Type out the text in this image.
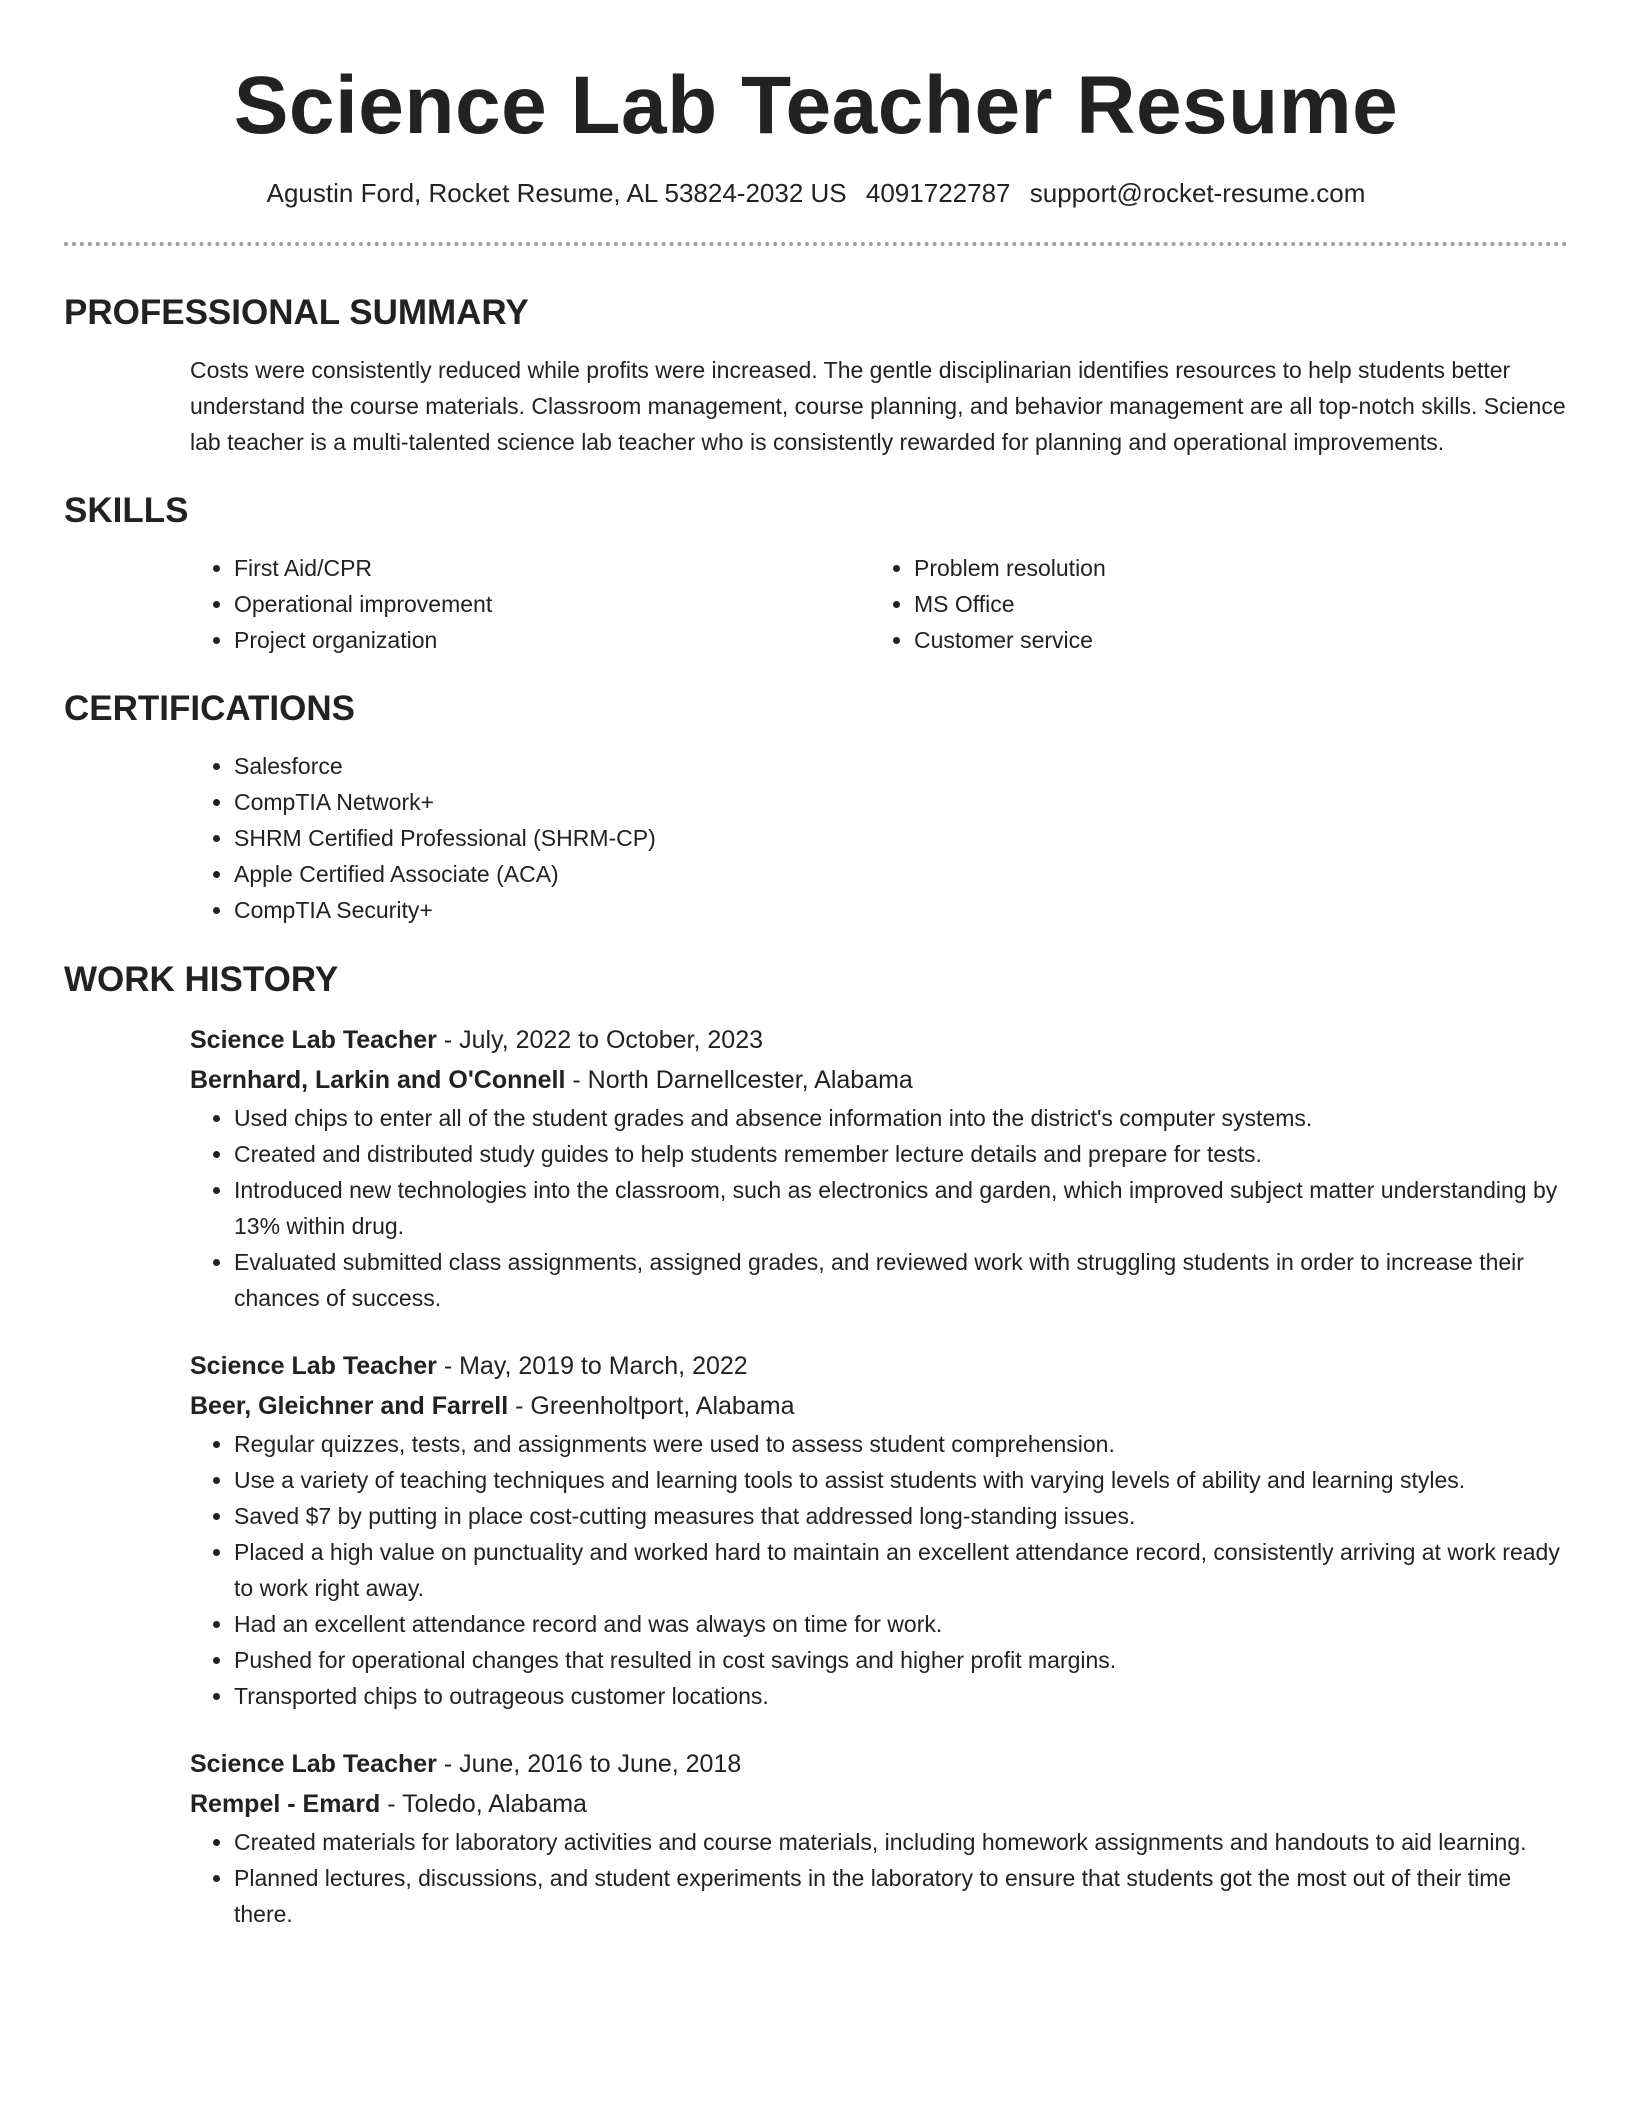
Science Lab Teacher Resume
Agustin Ford, Rocket Resume, AL 53824-2032 US 4091722787 support@rocket-resume.com
PROFESSIONAL SUMMARY
Costs were consistently reduced while profits were increased. The gentle disciplinarian identifies resources to help students better understand the course materials. Classroom management, course planning, and behavior management are all top-notch skills. Science lab teacher is a multi-talented science lab teacher who is consistently rewarded for planning and operational improvements.
SKILLS
• First Aid/CPR
• Operational improvement
• Project organization
• Problem resolution
• MS Office
• Customer service
CERTIFICATIONS
• Salesforce
• CompTIA Network+
• SHRM Certified Professional (SHRM-CP)
• Apple Certified Associate (ACA)
• CompTIA Security+
WORK HISTORY
Science Lab Teacher - July, 2022 to October, 2023
Bernhard, Larkin and O'Connell - North Darnellcester, Alabama
• Used chips to enter all of the student grades and absence information into the district's computer systems.
• Created and distributed study guides to help students remember lecture details and prepare for tests.
• Introduced new technologies into the classroom, such as electronics and garden, which improved subject matter understanding by 13% within drug.
• Evaluated submitted class assignments, assigned grades, and reviewed work with struggling students in order to increase their chances of success.
Science Lab Teacher - May, 2019 to March, 2022
Beer, Gleichner and Farrell - Greenholtport, Alabama
• Regular quizzes, tests, and assignments were used to assess student comprehension.
• Use a variety of teaching techniques and learning tools to assist students with varying levels of ability and learning styles.
• Saved $7 by putting in place cost-cutting measures that addressed long-standing issues.
• Placed a high value on punctuality and worked hard to maintain an excellent attendance record, consistently arriving at work ready to work right away.
• Had an excellent attendance record and was always on time for work.
• Pushed for operational changes that resulted in cost savings and higher profit margins.
• Transported chips to outrageous customer locations.
Science Lab Teacher - June, 2016 to June, 2018
Rempel - Emard - Toledo, Alabama
• Created materials for laboratory activities and course materials, including homework assignments and handouts to aid learning.
• Planned lectures, discussions, and student experiments in the laboratory to ensure that students got the most out of their time there.
